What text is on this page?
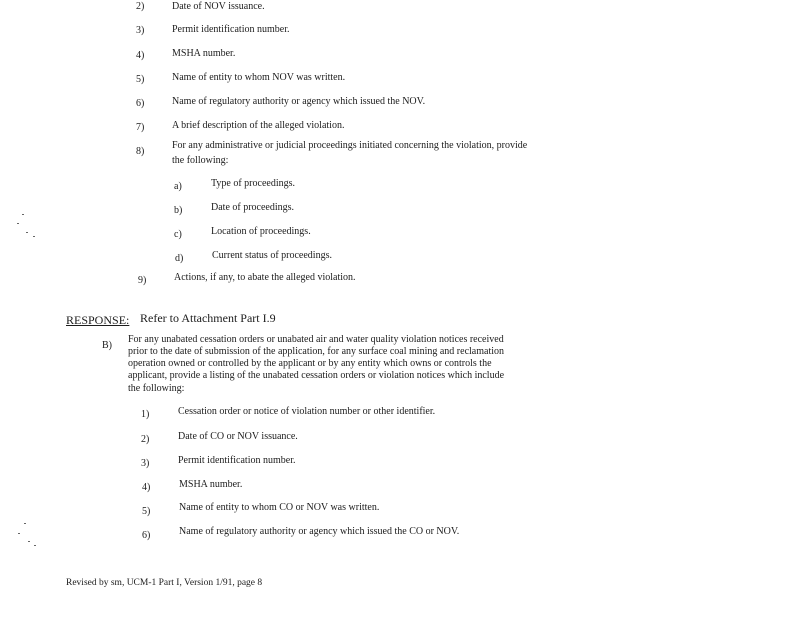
2)	Date of NOV issuance.
3)	Permit identification number.
4)	MSHA number.
5)	Name of entity to whom NOV was written.
6)	Name of regulatory authority or agency which issued the NOV.
7)	A brief description of the alleged violation.
8)
For any administrative or judicial proceedings initiated concerning the violation, provide
the following:
a)	Type of proceedings.
b)	Date of proceedings.
c)	Location of proceedings.
d)	Current status of proceedings.
9)	Actions, if any, to abate the alleged violation.
RESPONSE: Refer to Attachment Part I.9
B)
For any unabated cessation orders or unabated air and water quality violation notices received
prior to the date of submission of the application, for any surface coal mining and reclamation
operation owned or controlled by the applicant or by any entity which owns or controls the
applicant, provide a listing of the unabated cessation orders or violation notices which include
the following:
1)	Cessation order or notice of violation number or other identifier.
2)	Date of CO or NOV issuance.
3)	Permit identification number.
4)	MSHA number.
5)	Name of entity to whom CO or NOV was written.
6)	Name of regulatory authority or agency which issued the CO or NOV.
Revised by sm, UCM-1 Part I, Version 1/91, page 8
